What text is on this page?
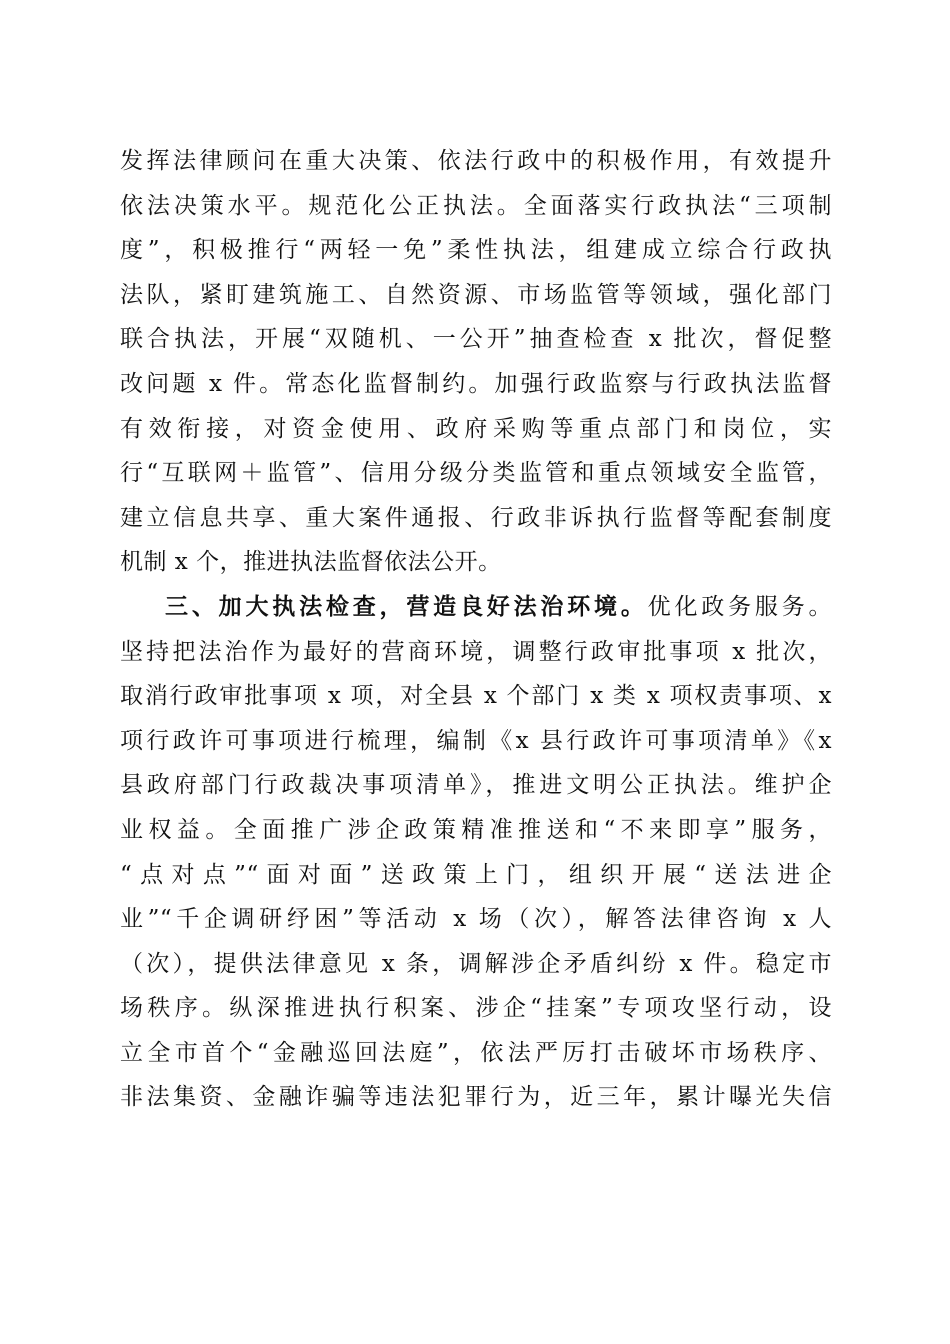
发挥法律顾问在重大决策、依法行政中的积极作用，有效提升
依法决策水平。规范化公正执法。全面落实行政执法“三项制
度”，积极推行“两轻一免”柔性执法，组建成立综合行政执
法队，紧盯建筑施工、自然资源、市场监管等领域，强化部门
联合执法，开展“双随机、一公开”抽查检查 x 批次，督促整
改问题 x 件。常态化监督制约。加强行政监察与行政执法监督
有效衔接，对资金使用、政府采购等重点部门和岗位，实
行“互联网＋监管”、信用分级分类监管和重点领域安全监管，
建立信息共享、重大案件通报、行政非诉执行监督等配套制度
机制 x 个，推进执法监督依法公开。
三、加大执法检查，营造良好法治环境。优化政务服务。
坚持把法治作为最好的营商环境，调整行政审批事项 x 批次，
取消行政审批事项 x 项，对全县 x 个部门 x 类 x 项权责事项、x
项行政许可事项进行梳理，编制《x 县行政许可事项清单》《x
县政府部门行政裁决事项清单》，推进文明公正执法。维护企
业权益。全面推广涉企政策精准推送和“不来即享”服务，
“点对点”“面对面”送政策上门，组织开展“送法进企
业”“千企调研纾困”等活动 x 场（次），解答法律咨询 x 人
（次），提供法律意见 x 条，调解涉企矛盾纠纷 x 件。稳定市
场秩序。纵深推进执行积案、涉企“挂案”专项攻坚行动，设
立全市首个“金融巡回法庭”，依法严厉打击破坏市场秩序、
非法集资、金融诈骗等违法犯罪行为，近三年，累计曝光失信
